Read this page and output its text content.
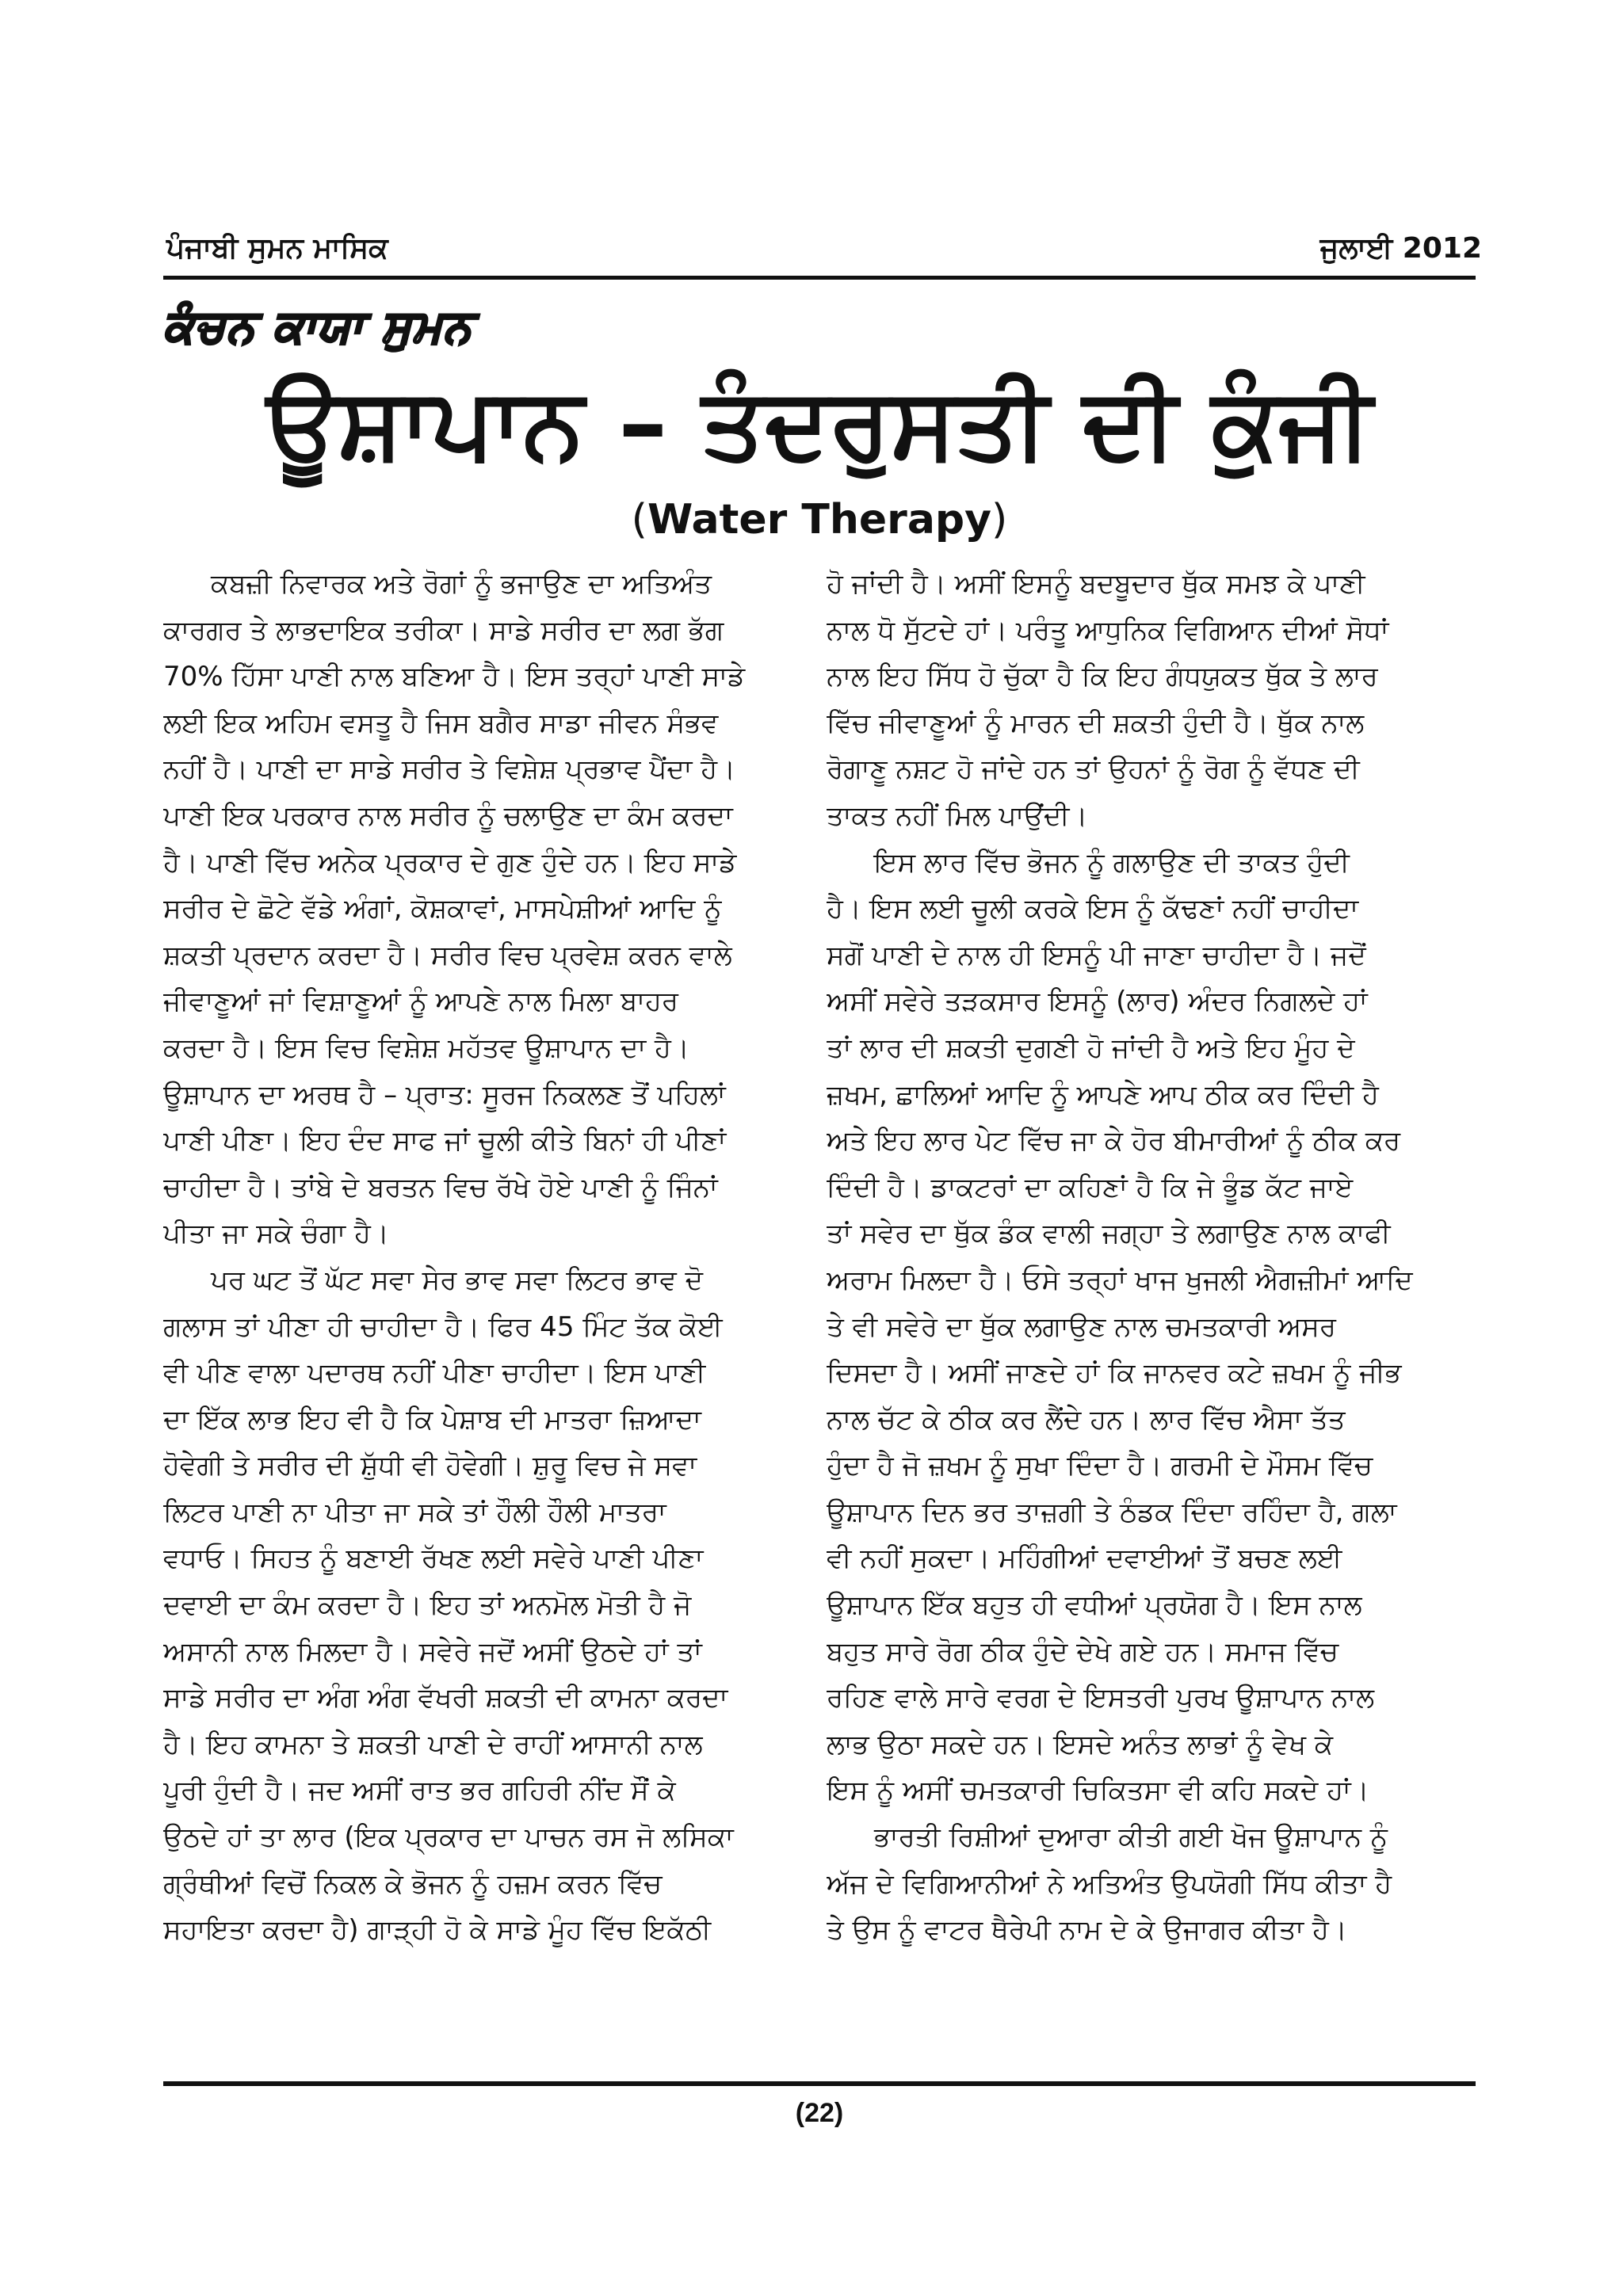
ਪੰਜਾਬੀ ਸੁਮਨ ਮਾਸਿਕ	ਜੁਲਾਈ 2012
ਕੰਚਨ ਕਾਯਾ ਸੁਮਨ
ਊਸ਼ਾਪਾਨ – ਤੰਦਰੁਸਤੀ ਦੀ ਕੁੰਜੀ
(Water Therapy)
ਕਬਜ਼ੀ ਨਿਵਾਰਕ ਅਤੇ ਰੋਗਾਂ ਨੂੰ ਭਜਾਉਣ ਦਾ ਅਤਿਅੰਤ
ਕਾਰਗਰ ਤੇ ਲਾਭਦਾਇਕ ਤਰੀਕਾ। ਸਾਡੇ ਸਰੀਰ ਦਾ ਲਗ ਭੱਗ
70% ਹਿੱਸਾ ਪਾਣੀ ਨਾਲ ਬਣਿਆ ਹੈ। ਇਸ ਤਰ੍ਹਾਂ ਪਾਣੀ ਸਾਡੇ
ਲਈ ਇਕ ਅਹਿਮ ਵਸਤੂ ਹੈ ਜਿਸ ਬਗੈਰ ਸਾਡਾ ਜੀਵਨ ਸੰਭਵ
ਨਹੀਂ ਹੈ। ਪਾਣੀ ਦਾ ਸਾਡੇ ਸਰੀਰ ਤੇ ਵਿਸ਼ੇਸ਼ ਪ੍ਰਭਾਵ ਪੈਂਦਾ ਹੈ।
ਪਾਣੀ ਇਕ ਪਰਕਾਰ ਨਾਲ ਸਰੀਰ ਨੂੰ ਚਲਾਉਣ ਦਾ ਕੰਮ ਕਰਦਾ
ਹੈ। ਪਾਣੀ ਵਿੱਚ ਅਨੇਕ ਪ੍ਰਕਾਰ ਦੇ ਗੁਣ ਹੁੰਦੇ ਹਨ। ਇਹ ਸਾਡੇ
ਸਰੀਰ ਦੇ ਛੋਟੇ ਵੱਡੇ ਅੰਗਾਂ, ਕੋਸ਼ਕਾਵਾਂ, ਮਾਸਪੇਸ਼ੀਆਂ ਆਦਿ ਨੂੰ
ਸ਼ਕਤੀ ਪ੍ਰਦਾਨ ਕਰਦਾ ਹੈ। ਸਰੀਰ ਵਿਚ ਪ੍ਰਵੇਸ਼ ਕਰਨ ਵਾਲੇ
ਜੀਵਾਣੂਆਂ ਜਾਂ ਵਿਸ਼ਾਣੂਆਂ ਨੂੰ ਆਪਣੇ ਨਾਲ ਮਿਲਾ ਬਾਹਰ
ਕਰਦਾ ਹੈ। ਇਸ ਵਿਚ ਵਿਸ਼ੇਸ਼ ਮਹੱਤਵ ਊਸ਼ਾਪਾਨ ਦਾ ਹੈ।
ਊਸ਼ਾਪਾਨ ਦਾ ਅਰਥ ਹੈ – ਪ੍ਰਾਤ: ਸੂਰਜ ਨਿਕਲਣ ਤੋਂ ਪਹਿਲਾਂ
ਪਾਣੀ ਪੀਣਾ। ਇਹ ਦੰਦ ਸਾਫ ਜਾਂ ਚੂਲੀ ਕੀਤੇ ਬਿਨਾਂ ਹੀ ਪੀਣਾਂ
ਚਾਹੀਦਾ ਹੈ। ਤਾਂਬੇ ਦੇ ਬਰਤਨ ਵਿਚ ਰੱਖੇ ਹੋਏ ਪਾਣੀ ਨੂੰ ਜਿੰਨਾਂ
ਪੀਤਾ ਜਾ ਸਕੇ ਚੰਗਾ ਹੈ।
ਪਰ ਘਟ ਤੋਂ ਘੱਟ ਸਵਾ ਸੇਰ ਭਾਵ ਸਵਾ ਲਿਟਰ ਭਾਵ ਦੋ
ਗਲਾਸ ਤਾਂ ਪੀਣਾ ਹੀ ਚਾਹੀਦਾ ਹੈ। ਫਿਰ 45 ਮਿੰਟ ਤੱਕ ਕੋਈ
ਵੀ ਪੀਣ ਵਾਲਾ ਪਦਾਰਥ ਨਹੀਂ ਪੀਣਾ ਚਾਹੀਦਾ। ਇਸ ਪਾਣੀ
ਦਾ ਇੱਕ ਲਾਭ ਇਹ ਵੀ ਹੈ ਕਿ ਪੇਸ਼ਾਬ ਦੀ ਮਾਤਰਾ ਜ਼ਿਆਦਾ
ਹੋਵੇਗੀ ਤੇ ਸਰੀਰ ਦੀ ਸ਼ੁੱਧੀ ਵੀ ਹੋਵੇਗੀ। ਸ਼ੁਰੂ ਵਿਚ ਜੇ ਸਵਾ
ਲਿਟਰ ਪਾਣੀ ਨਾ ਪੀਤਾ ਜਾ ਸਕੇ ਤਾਂ ਹੌਲੀ ਹੌਲੀ ਮਾਤਰਾ
ਵਧਾਓ। ਸਿਹਤ ਨੂੰ ਬਣਾਈ ਰੱਖਣ ਲਈ ਸਵੇਰੇ ਪਾਣੀ ਪੀਣਾ
ਦਵਾਈ ਦਾ ਕੰਮ ਕਰਦਾ ਹੈ। ਇਹ ਤਾਂ ਅਨਮੋਲ ਮੋਤੀ ਹੈ ਜੋ
ਅਸਾਨੀ ਨਾਲ ਮਿਲਦਾ ਹੈ। ਸਵੇਰੇ ਜਦੋਂ ਅਸੀਂ ਉਠਦੇ ਹਾਂ ਤਾਂ
ਸਾਡੇ ਸਰੀਰ ਦਾ ਅੰਗ ਅੰਗ ਵੱਖਰੀ ਸ਼ਕਤੀ ਦੀ ਕਾਮਨਾ ਕਰਦਾ
ਹੈ। ਇਹ ਕਾਮਨਾ ਤੇ ਸ਼ਕਤੀ ਪਾਣੀ ਦੇ ਰਾਹੀਂ ਆਸਾਨੀ ਨਾਲ
ਪੂਰੀ ਹੁੰਦੀ ਹੈ। ਜਦ ਅਸੀਂ ਰਾਤ ਭਰ ਗਹਿਰੀ ਨੀਂਦ ਸੌਂ ਕੇ
ਉਠਦੇ ਹਾਂ ਤਾ ਲਾਰ (ਇਕ ਪ੍ਰਕਾਰ ਦਾ ਪਾਚਨ ਰਸ ਜੋ ਲਸਿਕਾ
ਗ੍ਰੰਥੀਆਂ ਵਿਚੋਂ ਨਿਕਲ ਕੇ ਭੋਜਨ ਨੂੰ ਹਜ਼ਮ ਕਰਨ ਵਿੱਚ
ਸਹਾਇਤਾ ਕਰਦਾ ਹੈ) ਗਾੜ੍ਹੀ ਹੋ ਕੇ ਸਾਡੇ ਮੂੰਹ ਵਿੱਚ ਇਕੱਠੀ
ਹੋ ਜਾਂਦੀ ਹੈ। ਅਸੀਂ ਇਸਨੂੰ ਬਦਬੂਦਾਰ ਥੁੱਕ ਸਮਝ ਕੇ ਪਾਣੀ
ਨਾਲ ਧੋ ਸੁੱਟਦੇ ਹਾਂ। ਪਰੰਤੂ ਆਧੁਨਿਕ ਵਿਗਿਆਨ ਦੀਆਂ ਸੋਧਾਂ
ਨਾਲ ਇਹ ਸਿੱਧ ਹੋ ਚੁੱਕਾ ਹੈ ਕਿ ਇਹ ਗੰਧਯੁਕਤ ਥੁੱਕ ਤੇ ਲਾਰ
ਵਿੱਚ ਜੀਵਾਣੂਆਂ ਨੂੰ ਮਾਰਨ ਦੀ ਸ਼ਕਤੀ ਹੁੰਦੀ ਹੈ। ਥੁੱਕ ਨਾਲ
ਰੋਗਾਣੂ ਨਸ਼ਟ ਹੋ ਜਾਂਦੇ ਹਨ ਤਾਂ ਉਹਨਾਂ ਨੂੰ ਰੋਗ ਨੂੰ ਵੱਧਣ ਦੀ
ਤਾਕਤ ਨਹੀਂ ਮਿਲ ਪਾਉਂਦੀ।
ਇਸ ਲਾਰ ਵਿੱਚ ਭੋਜਨ ਨੂੰ ਗਲਾਉਣ ਦੀ ਤਾਕਤ ਹੁੰਦੀ
ਹੈ। ਇਸ ਲਈ ਚੂਲੀ ਕਰਕੇ ਇਸ ਨੂੰ ਕੱਢਣਾਂ ਨਹੀਂ ਚਾਹੀਦਾ
ਸਗੋਂ ਪਾਣੀ ਦੇ ਨਾਲ ਹੀ ਇਸਨੂੰ ਪੀ ਜਾਣਾ ਚਾਹੀਦਾ ਹੈ। ਜਦੋਂ
ਅਸੀਂ ਸਵੇਰੇ ਤੜਕਸਾਰ ਇਸਨੂੰ (ਲਾਰ) ਅੰਦਰ ਨਿਗਲਦੇ ਹਾਂ
ਤਾਂ ਲਾਰ ਦੀ ਸ਼ਕਤੀ ਦੁਗਣੀ ਹੋ ਜਾਂਦੀ ਹੈ ਅਤੇ ਇਹ ਮੂੰਹ ਦੇ
ਜ਼ਖਮ, ਛਾਲਿਆਂ ਆਦਿ ਨੂੰ ਆਪਣੇ ਆਪ ਠੀਕ ਕਰ ਦਿੰਦੀ ਹੈ
ਅਤੇ ਇਹ ਲਾਰ ਪੇਟ ਵਿੱਚ ਜਾ ਕੇ ਹੋਰ ਬੀਮਾਰੀਆਂ ਨੂੰ ਠੀਕ ਕਰ
ਦਿੰਦੀ ਹੈ। ਡਾਕਟਰਾਂ ਦਾ ਕਹਿਣਾਂ ਹੈ ਕਿ ਜੇ ਭੂੰਡ ਕੱਟ ਜਾਏ
ਤਾਂ ਸਵੇਰ ਦਾ ਥੁੱਕ ਡੰਕ ਵਾਲੀ ਜਗ੍ਹਾ ਤੇ ਲਗਾਉਣ ਨਾਲ ਕਾਫੀ
ਅਰਾਮ ਮਿਲਦਾ ਹੈ। ਓਸੇ ਤਰ੍ਹਾਂ ਖਾਜ ਖੁਜਲੀ ਐਗਜ਼ੀਮਾਂ ਆਦਿ
ਤੇ ਵੀ ਸਵੇਰੇ ਦਾ ਥੁੱਕ ਲਗਾਉਣ ਨਾਲ ਚਮਤਕਾਰੀ ਅਸਰ
ਦਿਸਦਾ ਹੈ। ਅਸੀਂ ਜਾਣਦੇ ਹਾਂ ਕਿ ਜਾਨਵਰ ਕਟੇ ਜ਼ਖਮ ਨੂੰ ਜੀਭ
ਨਾਲ ਚੱਟ ਕੇ ਠੀਕ ਕਰ ਲੈਂਦੇ ਹਨ। ਲਾਰ ਵਿੱਚ ਐਸਾ ਤੱਤ
ਹੁੰਦਾ ਹੈ ਜੋ ਜ਼ਖਮ ਨੂੰ ਸੁਖਾ ਦਿੰਦਾ ਹੈ। ਗਰਮੀ ਦੇ ਮੌਸਮ ਵਿੱਚ
ਊਸ਼ਾਪਾਨ ਦਿਨ ਭਰ ਤਾਜ਼ਗੀ ਤੇ ਠੰਡਕ ਦਿੰਦਾ ਰਹਿੰਦਾ ਹੈ, ਗਲਾ
ਵੀ ਨਹੀਂ ਸੁਕਦਾ। ਮਹਿੰਗੀਆਂ ਦਵਾਈਆਂ ਤੋਂ ਬਚਣ ਲਈ
ਊਸ਼ਾਪਾਨ ਇੱਕ ਬਹੁਤ ਹੀ ਵਧੀਆਂ ਪ੍ਰਯੋਗ ਹੈ। ਇਸ ਨਾਲ
ਬਹੁਤ ਸਾਰੇ ਰੋਗ ਠੀਕ ਹੁੰਦੇ ਦੇਖੇ ਗਏ ਹਨ। ਸਮਾਜ ਵਿੱਚ
ਰਹਿਣ ਵਾਲੇ ਸਾਰੇ ਵਰਗ ਦੇ ਇਸਤਰੀ ਪੁਰਖ ਊਸ਼ਾਪਾਨ ਨਾਲ
ਲਾਭ ਉਠਾ ਸਕਦੇ ਹਨ। ਇਸਦੇ ਅਨੰਤ ਲਾਭਾਂ ਨੂੰ ਵੇਖ ਕੇ
ਇਸ ਨੂੰ ਅਸੀਂ ਚਮਤਕਾਰੀ ਚਿਕਿਤਸਾ ਵੀ ਕਹਿ ਸਕਦੇ ਹਾਂ।
ਭਾਰਤੀ ਰਿਸ਼ੀਆਂ ਦੁਆਰਾ ਕੀਤੀ ਗਈ ਖੋਜ ਊਸ਼ਾਪਾਨ ਨੂੰ
ਅੱਜ ਦੇ ਵਿਗਿਆਨੀਆਂ ਨੇ ਅਤਿਅੰਤ ਉਪਯੋਗੀ ਸਿੱਧ ਕੀਤਾ ਹੈ
ਤੇ ਉਸ ਨੂੰ ਵਾਟਰ ਥੈਰੇਪੀ ਨਾਮ ਦੇ ਕੇ ਉਜਾਗਰ ਕੀਤਾ ਹੈ।
(22)
